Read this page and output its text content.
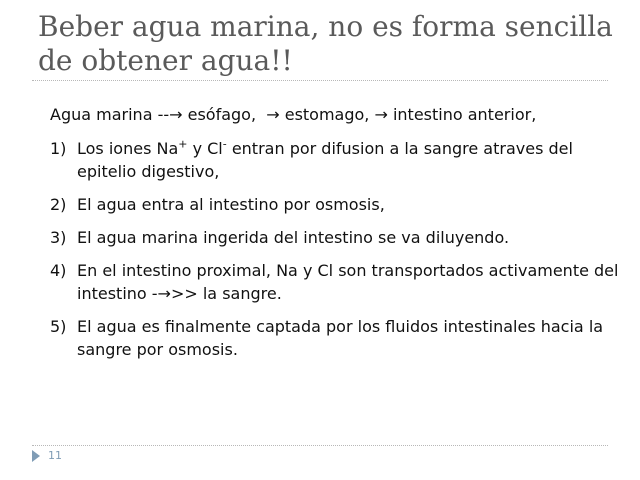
Beber agua marina, no es forma sencilla de obtener agua!!
Agua marina --→ esófago,  → estomago, → intestino anterior,
1) Los iones Na+ y Cl- entran por difusion a la sangre atraves del epitelio digestivo,
2) El agua entra al intestino por osmosis,
3) El agua marina ingerida del intestino se va diluyendo.
4) En el intestino proximal, Na y Cl son transportados activamente del intestino -→>> la sangre.
5) El agua es finalmente captada por los fluidos intestinales hacia la sangre por osmosis.
11
